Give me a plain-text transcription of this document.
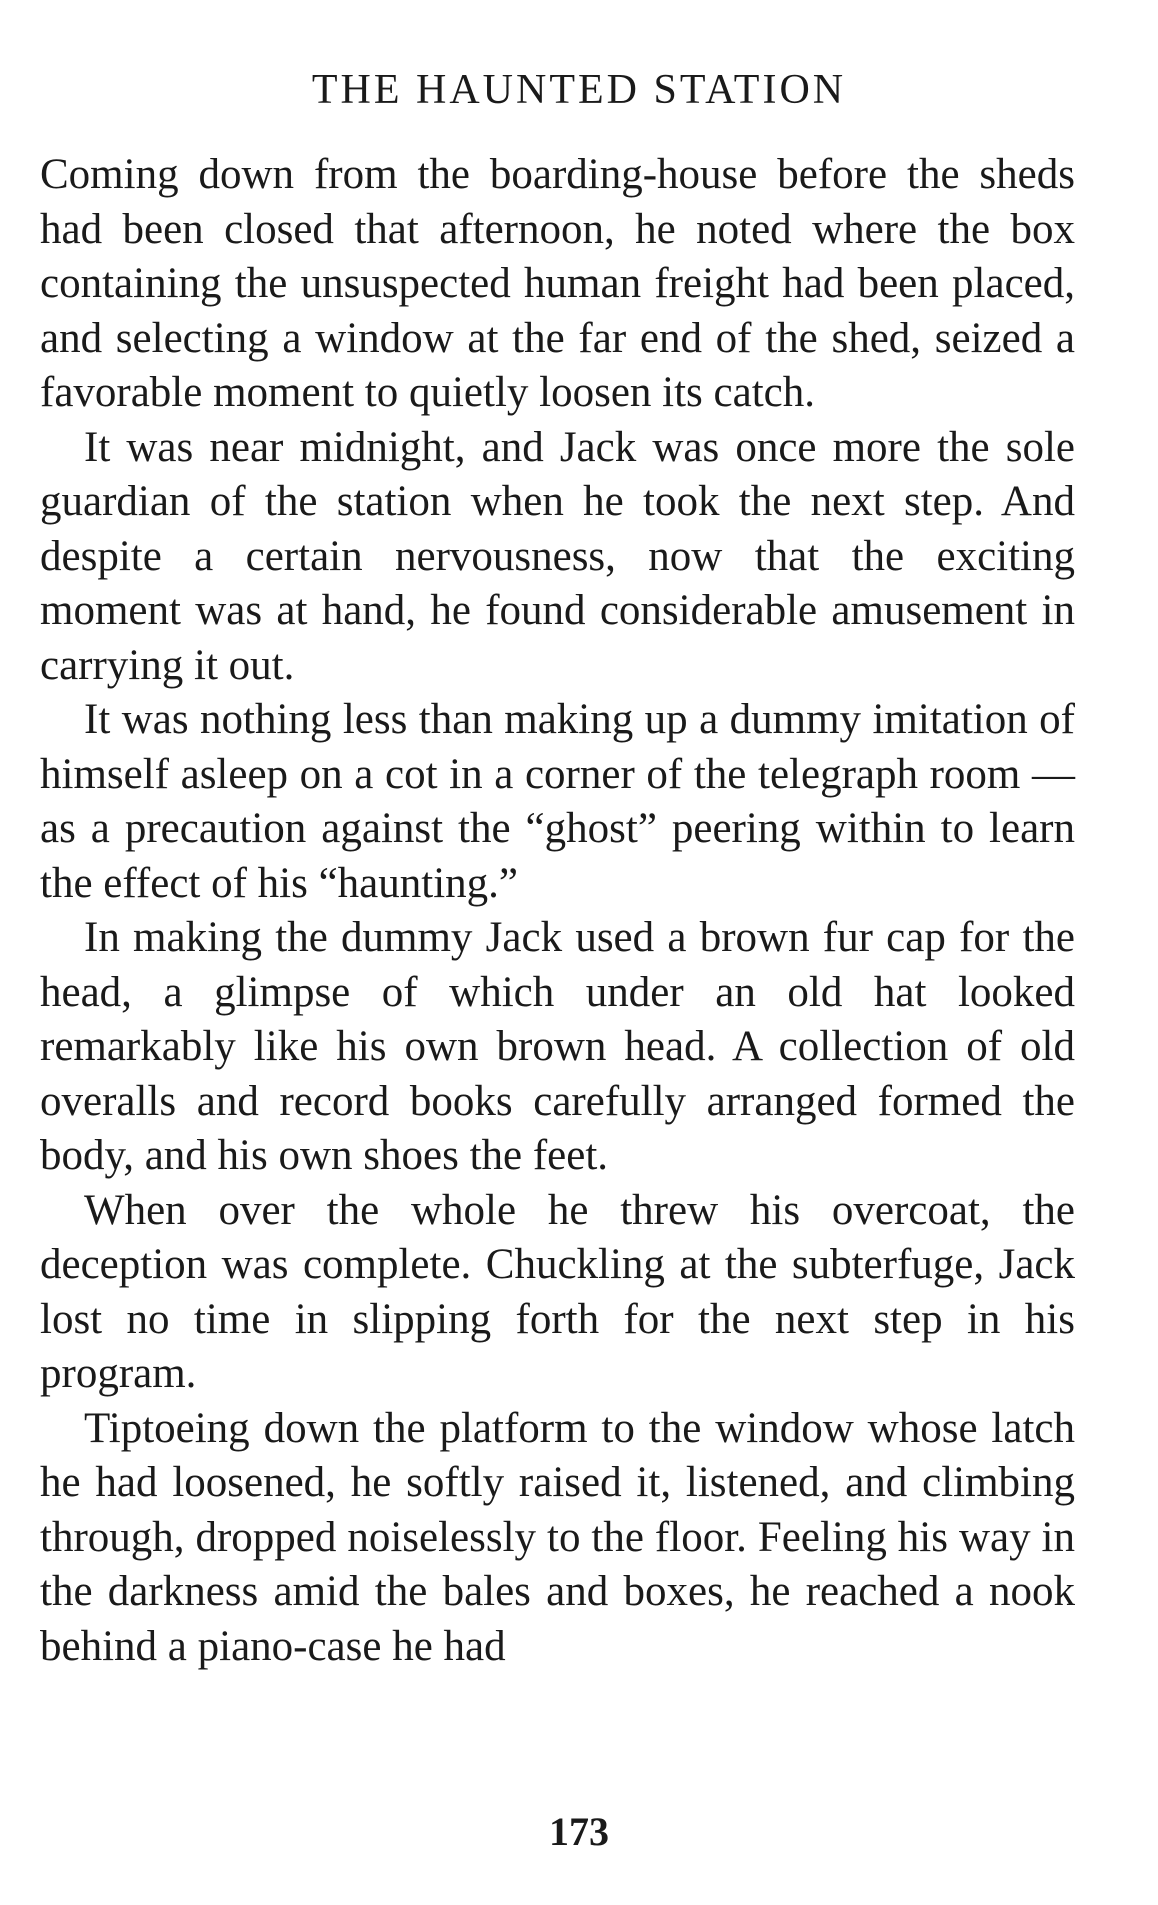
THE HAUNTED STATION

Coming down from the boarding-house before the sheds had been closed that afternoon, he noted where the box containing the unsuspected human freight had been placed, and selecting a window at the far end of the shed, seized a favorable moment to quietly loosen its catch.

It was near midnight, and Jack was once more the sole guardian of the station when he took the next step. And despite a certain nervousness, now that the exciting moment was at hand, he found considerable amusement in carrying it out.

It was nothing less than making up a dummy imitation of himself asleep on a cot in a corner of the telegraph room — as a precaution against the “ghost” peering within to learn the effect of his “haunting.”

In making the dummy Jack used a brown fur cap for the head, a glimpse of which under an old hat looked remarkably like his own brown head. A collection of old overalls and record books carefully arranged formed the body, and his own shoes the feet.

When over the whole he threw his overcoat, the deception was complete. Chuckling at the subterfuge, Jack lost no time in slipping forth for the next step in his program.

Tiptoeing down the platform to the window whose latch he had loosened, he softly raised it, listened, and climbing through, dropped noiselessly to the floor. Feeling his way in the darkness amid the bales and boxes, he reached a nook behind a piano-case he had

173
